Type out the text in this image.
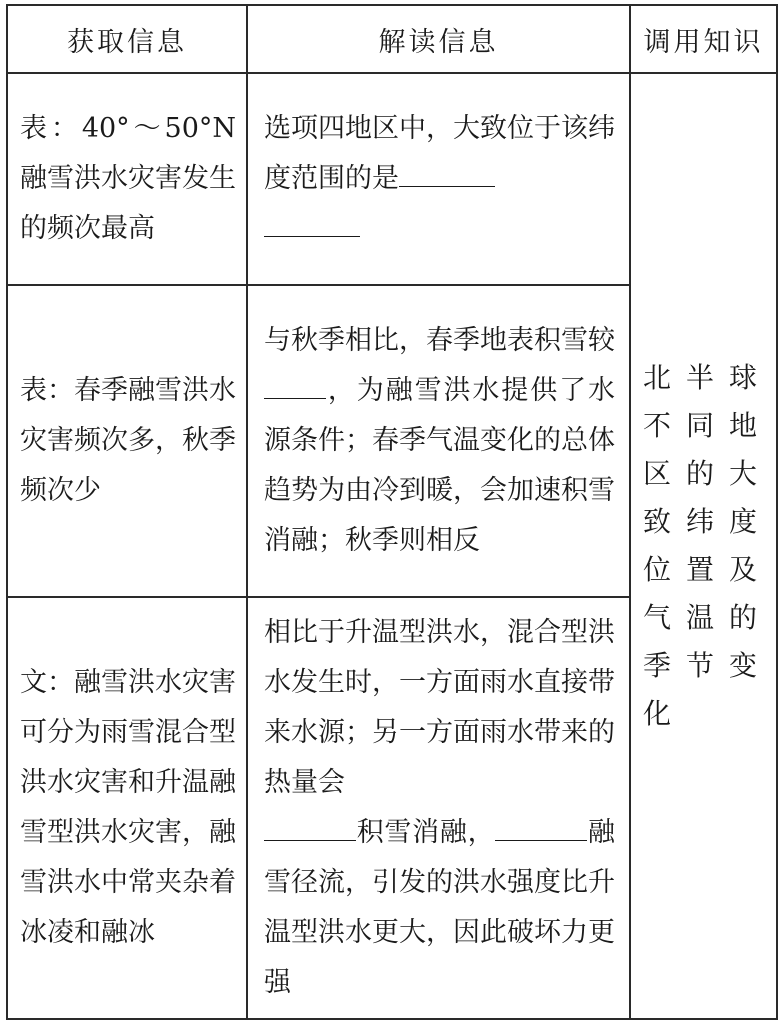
获取信息	解读信息	调用知识
表：40°～50°N融雪洪水灾害发生的频次最高	选项四地区中，大致位于该纬度范围的是	北半球不同地区的大致纬度位置及气温的季节变化
表：春季融雪洪水灾害频次多，秋季频次少	与秋季相比，春季地表积雪较，为融雪洪水提供了水源条件；春季气温变化的总体趋势为由冷到暖，会加速积雪消融；秋季则相反	
文：融雪洪水灾害可分为雨雪混合型洪水灾害和升温融雪型洪水灾害，融雪洪水中常夹杂着冰凌和融冰	相比于升温型洪水，混合型洪水发生时，一方面雨水直接带来水源；另一方面雨水带来的热量会
积雪消融， 融雪径流，引发的洪水强度比升温型洪水更大，因此破坏力更强	
